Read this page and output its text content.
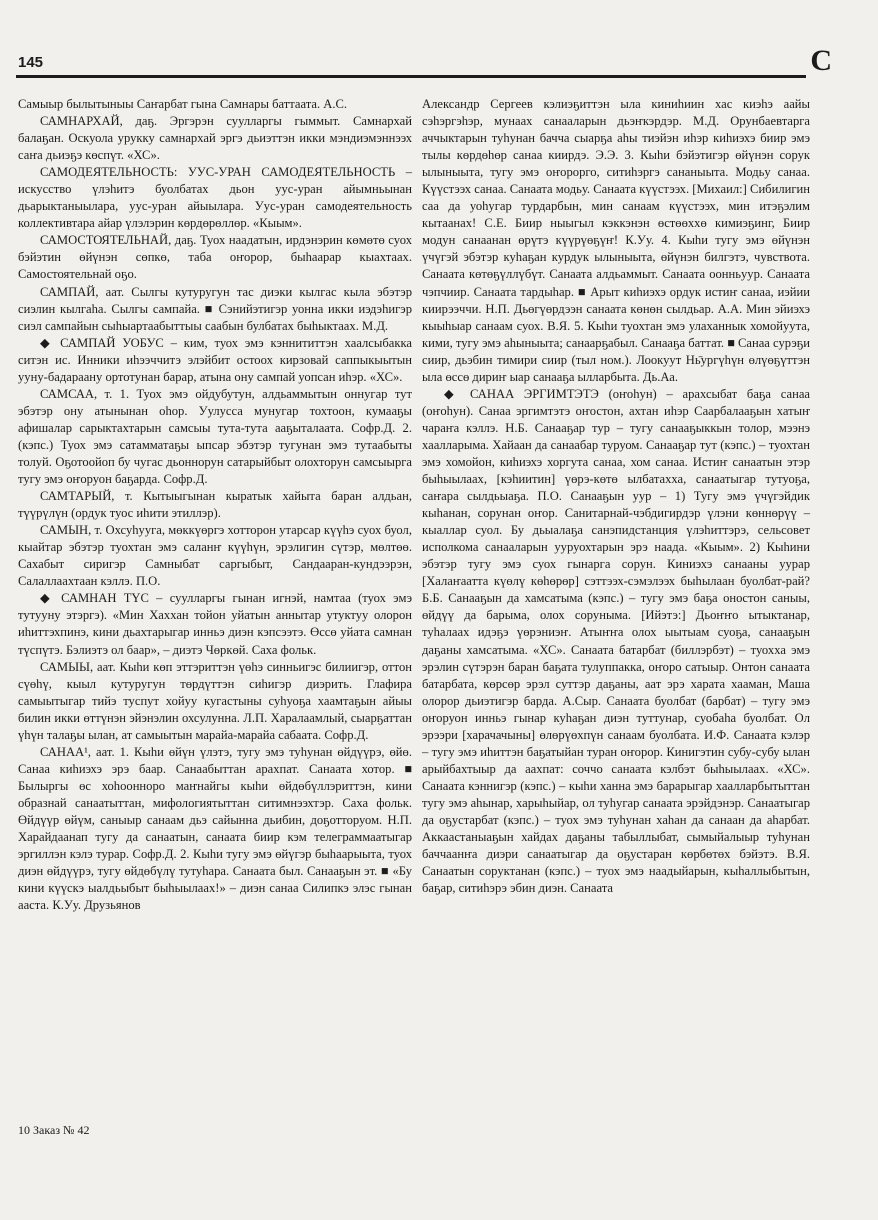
145	С

Самыыр былытыныы Саҥарбат гына Самнары баттаата. А.С.

САМНАРХАЙ, даҕ. Эргэрэн суулларгы гыммыт. Самнархай балаҕан. Оскуола урукку самнархай эргэ дьиэттэн икки мэндиэмэннээх саҥа дьиэҕэ көспүт. «ХС».

САМОДЕЯТЕЛЬНОСТЬ: УУС-УРАН САМОДЕЯТЕЛЬНОСТЬ – искусство үлэһитэ буолбатах дьон уус-уран айымньынан дьарыктаныылара, уус-уран айыылара. Уус-уран самодеятельность коллективтара айар үлэлэрин көрдөрөллөр. «Кыым».

САМОСТОЯТЕЛЬНАЙ, даҕ. Туох наадатын, ирдэнэрин көмөтө суох бэйэтин өйүнэн сөпкө, таба оҥорор, быһаарар кыахтаах. Самостоятельнай оҕо.

САМПАЙ, аат. Сылгы кутуругун тас диэки кылгас кыла эбэтэр сиэлин кылгаһа. Сылгы сампайа. ■ Сэнийэтигэр уонна икки иэдэһигэр сиэл сампайын сыһыартаабыттыы саабын булбатах быһыктаах. М.Д.

◆ САМПАЙ УОБУС – ким, туох эмэ кэннититтэн хаалсыбакка ситэн ис. Инники иһээччитэ элэйбит остоох кирзовай саппыкыытын ууну-бадараану ортотунан барар, атына ону сампай уопсан иһэр. «ХС».

САМСАА, т. 1. Туох эмэ ойдубутун, алдьаммытын оннугар тут эбэтэр ону атынынан оһор. Уулусса мунугар тохтоон, кумааҕы афишалар сарыктахтарын самсыы тута-тута ааҕыталаата. Софр.Д. 2. (кэпс.) Туох эмэ сатамматаҕы ыпсар эбэтэр тугунан эмэ тутаабыты толуй. Оҕотоойоп бу чугас дьоннорун сатарыйбыт олохторун самсыырга тугу эмэ оҥоруон баҕарда. Софр.Д.

САМТАРЫЙ, т. Кытыыгынан кыратык хайыта баран алдьан, түүрүлүн (ордук туос иһити этиллэр).

САМЫН, т. Охсуһууга, мөккүөргэ хотторон утарсар күүһэ суох буол, кыайтар эбэтэр туохтан эмэ саланҥ күүһүн, эрэлигин сүтэр, мөлтөө. Сахабыт сиригэр Самныбат саргыбыт, Сандааран-кундээрэн, Салаллаахтаан кэллэ. П.О.

◆ САМНАН ТҮС – суулларгы гынан игнэй, намтаа (туох эмэ тутууну этэргэ). «Мин Хаххан тойон уйатын аннытар утуктуу олорон иһиттэхпинэ, кини дьахтарыгар инньэ диэн кэпсээтэ. Өссө уйата самнан түспүтэ. Бэлиэтэ ол баар», – диэтэ Чөркөй. Саха фольк.

САМЫЫ, аат. Кыһи көп эттэриттэн үөһэ синньигэс билиигэр, оттон сүөһү, кыыл кутуругун төрдүттэн сиһигэр диэрить. Глафира самыытыгар тийэ туспут хойуу кугастыны суһуоҕа хаамтаҕын айыы билин икки өттүнэн эйэнэлин охсулунна. Л.П. Харалаамлый, сыарҕаттан үһүн талаҕы ылан, ат самыытын марайа-марайа сабаата. Софр.Д.

САНАА¹, аат. 1. Кыһи өйүн үлэтэ, тугу эмэ туһунан өйдүүрэ, өйө. Санаа киһиэхэ эрэ баар. Санаабыттан арахпат. Санаата хотор. ■ Былыргы өс хоһоонноро маҥнайгы кыһи өйдөбүллэриттэн, кини образнай санаатыттан, мифологиятыттан ситимнээхтэр. Саха фольк. Өйдүүр өйүм, саныыр санаам дьэ сайынна дьибин, доҕотторуом. Н.П. Харайдаанап тугу да санаатын, санаата биир кэм телеграммаатыгар эргиллэн кэлэ турар. Софр.Д. 2. Кыһи тугу эмэ өйүгэр быһаарыыта, туох диэн өйдүүрэ, тугу өйдөбүлү тутуһара. Санаата был. Санааҕын эт. ■ «Бу кини күүскэ ыалдьыбыт быһыылаах!» – диэн санаа Силипкэ элэс гынан ааста. К.Уу. Друзьянов

Александр Сергеев кэлиэҕиттэн ыла киниһиин хас киэһэ аайы сэһэргэһэр, мунаах санааларын дьэҥкэрдэр. М.Д. Орунбаевтарга аччыктарын туһунан баччa сыарҕа аһы тиэйэн иһэр киһиэхэ биир эмэ тылы көрдөһөр санаа киирдэ. Э.Э. 3. Кыһи бэйэтигэр өйүнэн сорук ылыныыта, тугу эмэ оҥорорго, ситиһэргэ сананыыта. Модьу санаа. Күүстээх санаа. Санаата модьу. Санаата күүстээх. [Михаил:] Сибилигин саа да уоһугар турдарбын, мин санаам күүстээх, мин итэҕэлим кытаанах! С.Е. Бииp ныыгыл кэккэнэн өстөөххө кимиэҕинг, Бииp модун санаанан өрүтэ күүрүөҕүҥ! К.Уу. 4. Кыһи тугу эмэ өйүнэн үчүгэй эбэтэр куһаҕан курдук ылыныыта, өйүнэн билгэтэ, чувствота. Санаата көтөҕүллүбүт. Санаата алдьаммыт. Санаата оонньуур. Санаата чэпчиир. Санаата тардыһар. ■ Арыт киһиэхэ ордук истиҥ санаа, иэйии киирээччи. Н.П. Дьөгүөрдээн санаата көнөн сылдьар. А.А. Мин эйиэхэ кыыһыар санаам суох. В.Я. 5. Кыһи туохтан эмэ улаханнык хомойуута, кими, тугу эмэ аһыныыта; санаарҕабыл. Санааҕа баттат. ■ Санаа сурэҕи сиир, дьэбин тимири сиир (тыл ном.). Лоокуут Нь̄ургүһүн өлүөҕүттэн ыла өссө дириҥ ыар санааҕа ылларбыта. Дь.Аа.

◆ САНАА ЭРГИМТЭТЭ (оҥоһун) – арахсыбат баҕа санаа (оҥоһун). Санаа эргимтэтэ оҥостон, ахтан иһэр Саарбалааҕын хатыҥ чараҥа кэллэ. Н.Б. Санааҕар тур – тугу санааҕыккын толор, мээнэ хаалларыма. Хайаан да санаабар туруом. Санааҕар тут (кэпс.) – туохтан эмэ хомойон, киһиэхэ хоргута санаа, хом санаа. Истиҥ санаатын этэр быһыылаах, [кэһиитин] үөрэ-көтө ылбатахха, санаатыгар тутуоҕа, саҥарa сылдьыаҕа. П.О. Санааҕын уур – 1) Тугу эмэ үчүгэйдик кыһанан, сорунан оҥор. Санитарнай-чэбдигирдэр үлэни көннөрүү – кыаллар суол. Бу дьыалаҕа санэпидстанция үлэһиттэрэ, сельсовет исполкома санааларын ууруохтарын эрэ наада. «Кыым». 2) Кыһини эбэтэр тугу эмэ суох гынарга сорун. Киниэхэ санааны уурар [Халаҥаатта күөлү көһөрөр] сэттээх-сэмэлээх быһылаан буолбат-рай? Б.Б. Санааҕын да хамсатыма (кэпс.) – тугу эмэ баҕа оноcтон саныы, өйдүү да барыма, олох соруныма. [Ийэтэ:] Дьоҥҥо ытыктанар, туһалаах идэҕэ үөрэниэҥ. Атыҥҥа олох ыытыам суоҕа, санааҕын даҕаны хамсатыма. «ХС». Санаата батарбат (биллэрбэт) – туохха эмэ эрэлин сүтэрэн баран баҕата тулуппакка, оҥоро сатыыр. Онтон санаата батарбата, көрсөр эрэл суттэр даҕаны, аат эрэ харата хаамaн, Маша олорор дьиэтигэр барда. А.Сыр. Санаата буолбат (барбат) – тугу эмэ оҥоруон инньэ гынар куһаҕан диэн туттунар, суобаһа буолбат. Ол эрээри [харачачыны] өлөрүөхпүн санаам буолбата. И.Ф. Санаата кэлэр – тугу эмэ иһиттэн баҕатыйан туран оҥорор. Кинигэтин субу-субу ылан арыйбахтыыр да аахпат: соччо санаата кэлбэт быһыылаах. «ХС». Санаата кэннигэр (кэпс.) – кыһи ханна эмэ барарыгар хаалларбытыттан тугу эмэ аһынар, харыһыйар, ол туһугар санаата эрэйдэнэр. Санаатыгар да оҕустарбат (кэпс.) – туох эмэ туһунан хаһан да санаан да аһарбат. Аккаастаныаҕын хайдах даҕаны табыллыбат, сымыйалыыр туһунан баччаанҥа диэри санаатыгар да оҕустаран көрбөтөх бэйэтэ. В.Я. Санаатын соруктанан (кэпс.) – туох эмэ наадыйарын, кыһаллыбытын, баҕар, ситиһэрэ эбин диэн. Санаата

10 Заказ № 42
